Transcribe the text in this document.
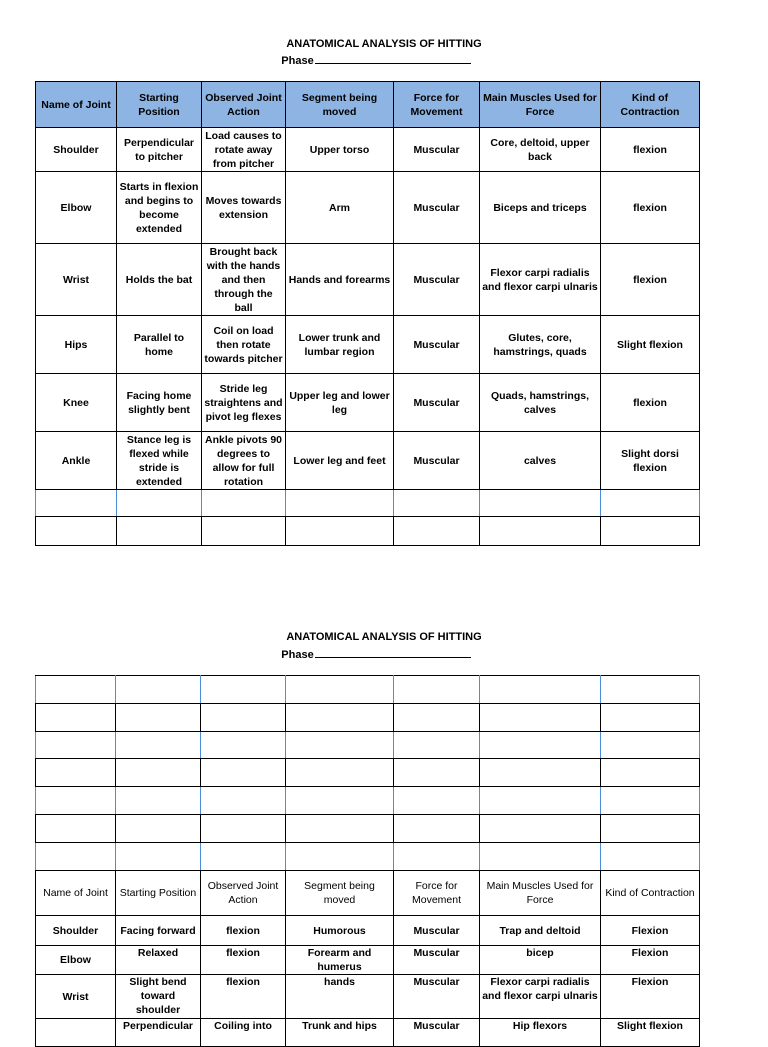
ANATOMICAL ANALYSIS OF HITTING
Phase
Name of Joint	Starting Position	Observed Joint Action	Segment being moved	Force for Movement	Main Muscles Used for Force	Kind of Contraction
Shoulder	Perpendicular to pitcher	Load causes to rotate away from pitcher	Upper torso	Muscular	Core, deltoid, upper back	flexion
Elbow	Starts in flexion and begins to become extended	Moves towards extension	Arm	Muscular	Biceps and triceps	flexion
Wrist	Holds the bat	Brought back with the hands and then through the ball	Hands and forearms	Muscular	Flexor carpi radialis and flexor carpi ulnaris	flexion
Hips	Parallel to home	Coil on load then rotate towards pitcher	Lower trunk and lumbar region	Muscular	Glutes, core, hamstrings, quads	Slight flexion
Knee	Facing home slightly bent	Stride leg straightens and pivot leg flexes	Upper leg and lower leg	Muscular	Quads, hamstrings, calves	flexion
Ankle	Stance leg is flexed while stride is extended	Ankle pivots 90 degrees to allow for full rotation	Lower leg and feet	Muscular	calves	Slight dorsi flexion

ANATOMICAL ANALYSIS OF HITTING
Phase

Name of Joint	Starting Position	Observed Joint Action	Segment being moved	Force for Movement	Main Muscles Used for Force	Kind of Contraction
Shoulder	Facing forward	flexion	Humorous	Muscular	Trap and deltoid	Flexion
Elbow	Relaxed	flexion	Forearm and humerus	Muscular	bicep	Flexion
Wrist	Slight bend toward shoulder	flexion	hands	Muscular	Flexor carpi radialis and flexor carpi ulnaris	Flexion
	Perpendicular	Coiling into	Trunk and hips	Muscular	Hip flexors	Slight flexion
